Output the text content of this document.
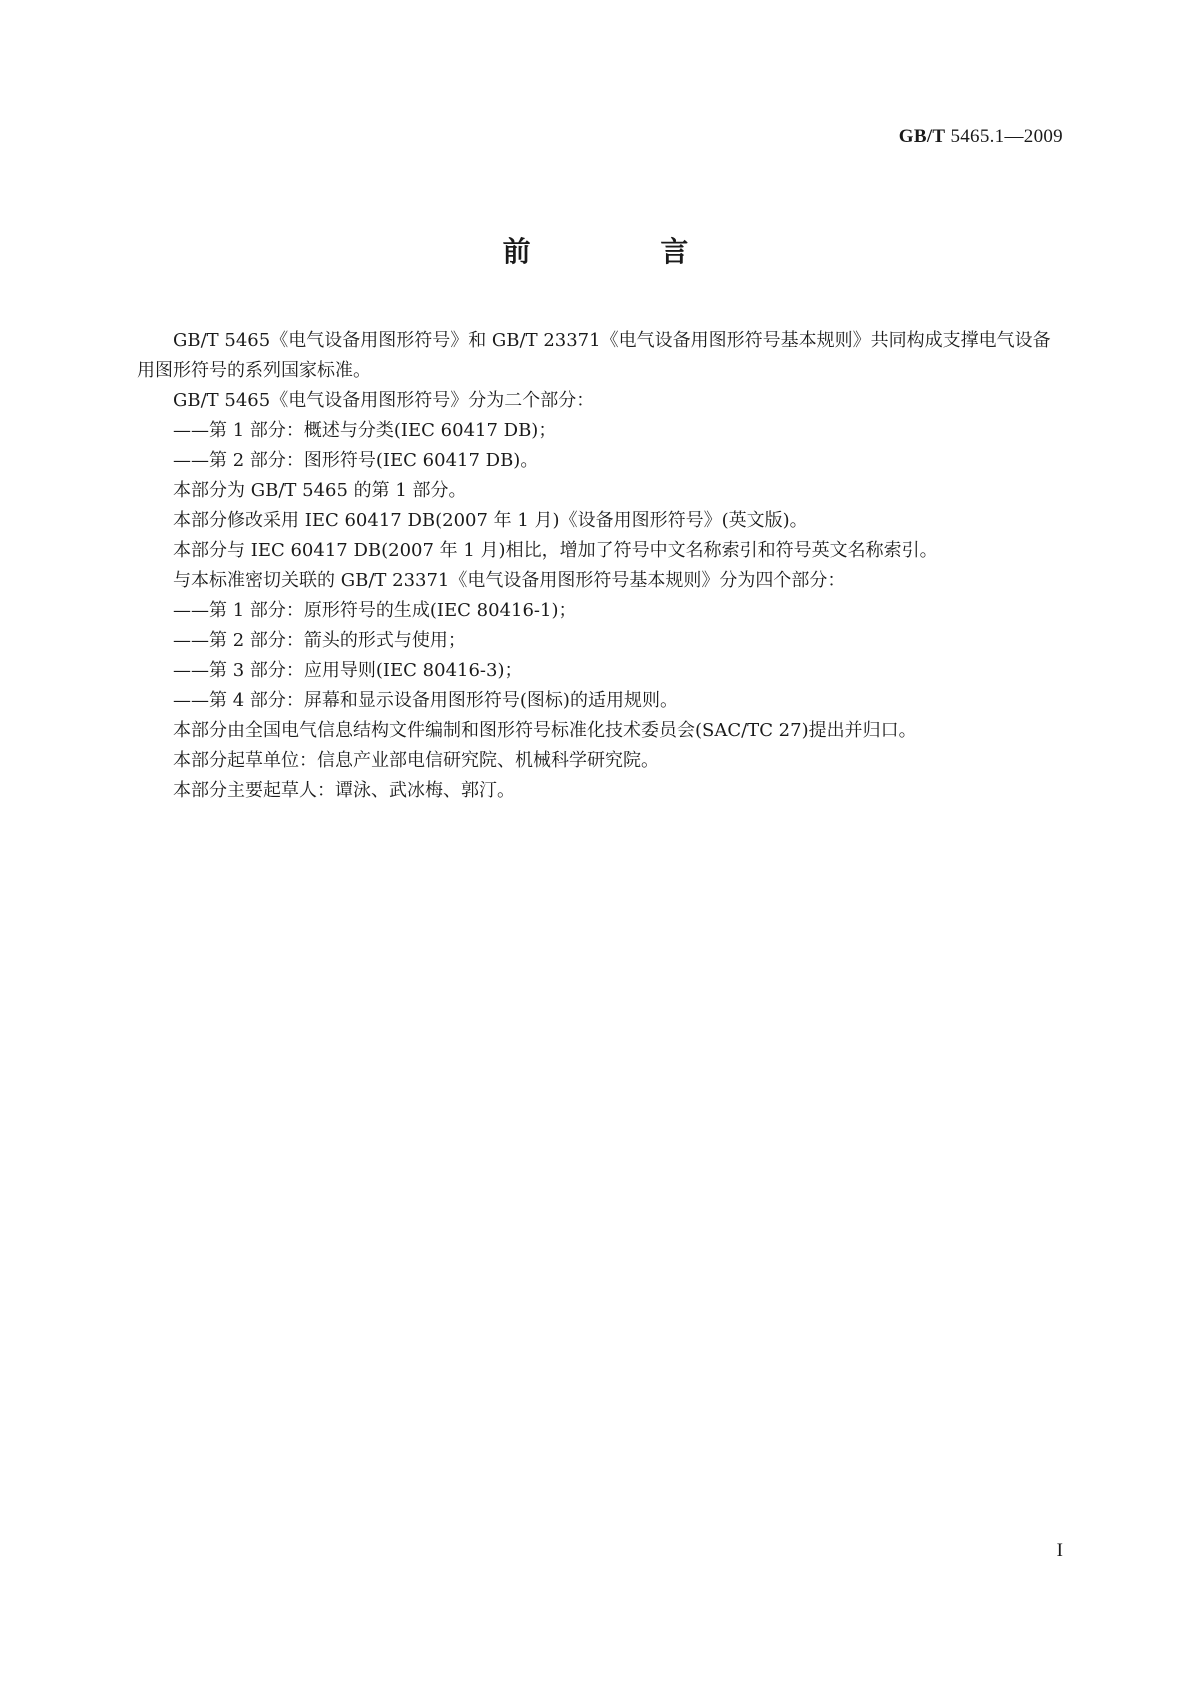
GB/T 5465.1—2009
前 言

GB/T 5465《电气设备用图形符号》和 GB/T 23371《电气设备用图形符号基本规则》共同构成支撑电气设备用图形符号的系列国家标准。

GB/T 5465《电气设备用图形符号》分为二个部分：

——第 1 部分：概述与分类(IEC 60417 DB)；

——第 2 部分：图形符号(IEC 60417 DB)。

本部分为 GB/T 5465 的第 1 部分。

本部分修改采用 IEC 60417 DB(2007 年 1 月)《设备用图形符号》(英文版)。

本部分与 IEC 60417 DB(2007 年 1 月)相比，增加了符号中文名称索引和符号英文名称索引。

与本标准密切关联的 GB/T 23371《电气设备用图形符号基本规则》分为四个部分：

——第 1 部分：原形符号的生成(IEC 80416-1)；

——第 2 部分：箭头的形式与使用；

——第 3 部分：应用导则(IEC 80416-3)；

——第 4 部分：屏幕和显示设备用图形符号(图标)的适用规则。

本部分由全国电气信息结构文件编制和图形符号标准化技术委员会(SAC/TC 27)提出并归口。

本部分起草单位：信息产业部电信研究院、机械科学研究院。

本部分主要起草人：谭泳、武冰梅、郭汀。

I
